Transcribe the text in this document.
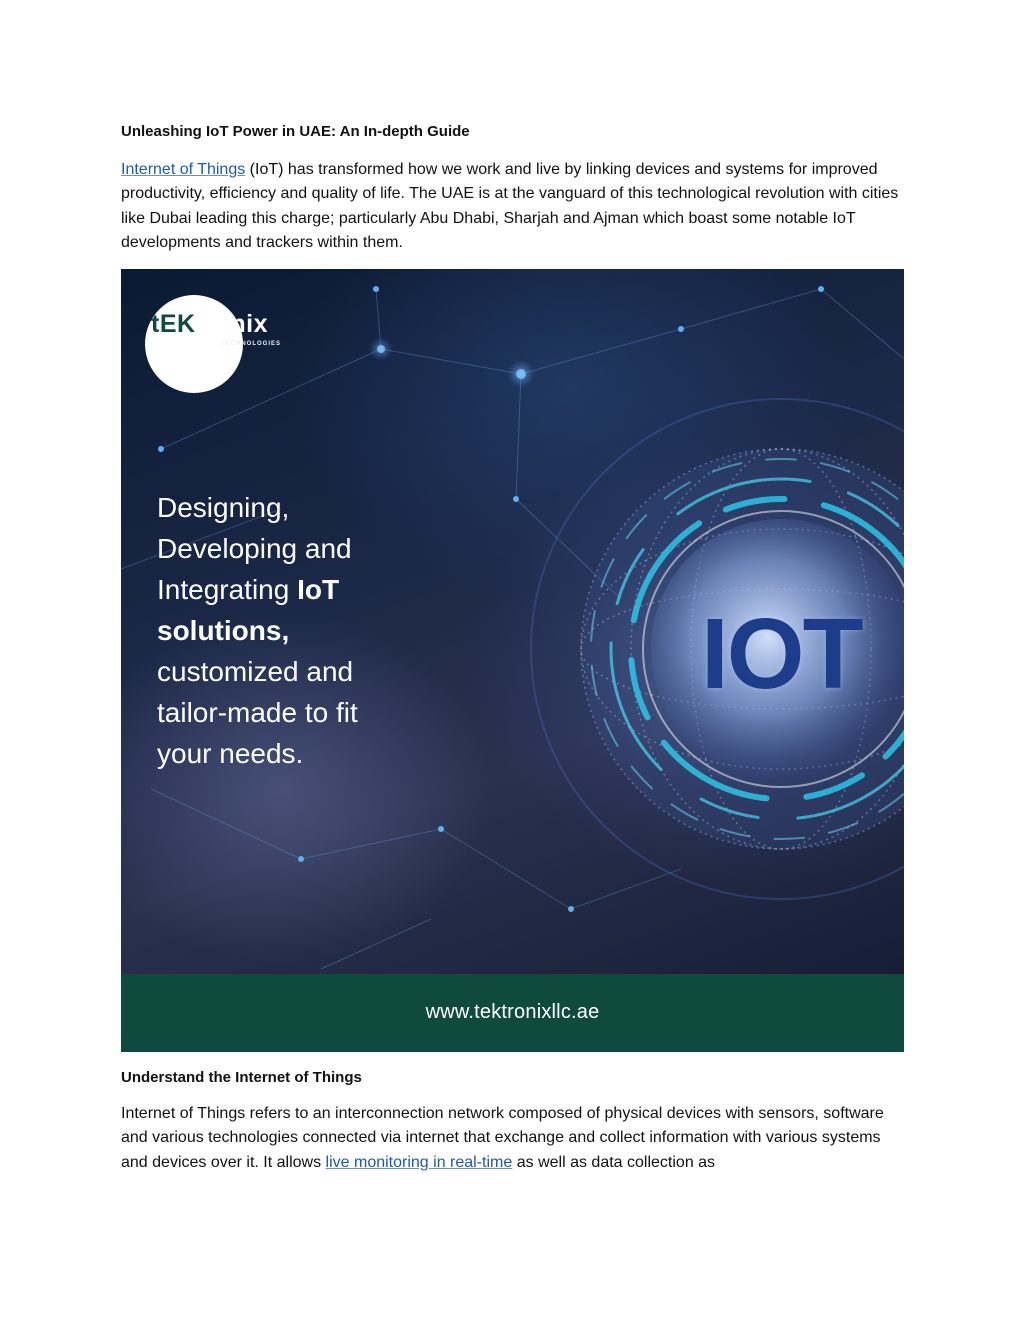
Unleashing IoT Power in UAE: An In-depth Guide

Internet of Things (IoT) has transformed how we work and live by linking devices and systems for improved productivity, efficiency and quality of life. The UAE is at the vanguard of this technological revolution with cities like Dubai leading this charge; particularly Abu Dhabi, Sharjah and Ajman which boast some notable IoT developments and trackers within them.

tEKtronix
TECHNOLOGIES
Designing,
Developing and
Integrating IoT
solutions,
customized and
tailor-made to fit
your needs.
IOT
www.tektronixllc.ae
Understand the Internet of Things

Internet of Things refers to an interconnection network composed of physical devices with sensors, software and various technologies connected via internet that exchange and collect information with various systems and devices over it. It allows live monitoring in real-time as well as data collection as
